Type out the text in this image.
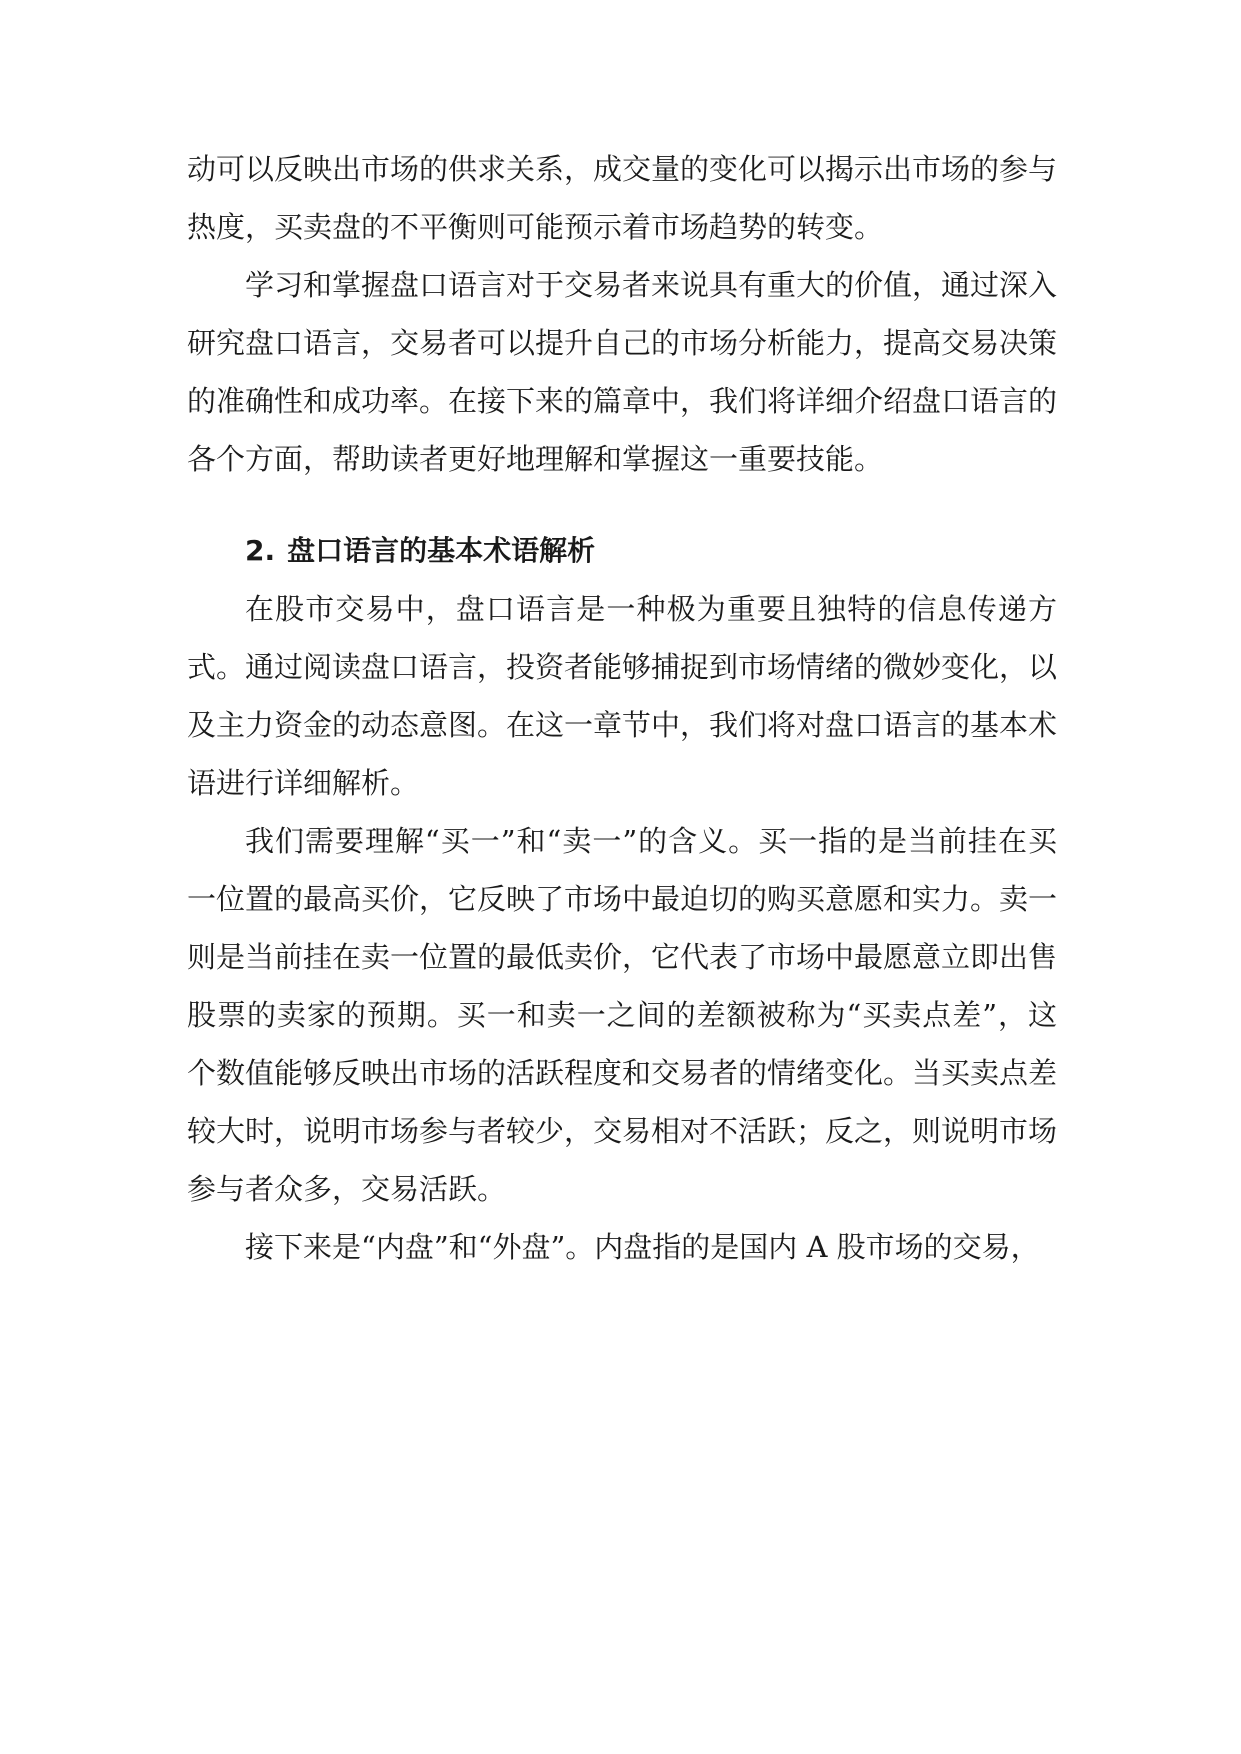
动可以反映出市场的供求关系，成交量的变化可以揭示出市场的参与热度，买卖盘的不平衡则可能预示着市场趋势的转变。

学习和掌握盘口语言对于交易者来说具有重大的价值，通过深入研究盘口语言，交易者可以提升自己的市场分析能力，提高交易决策的准确性和成功率。在接下来的篇章中，我们将详细介绍盘口语言的各个方面，帮助读者更好地理解和掌握这一重要技能。

2. 盘口语言的基本术语解析

在股市交易中，盘口语言是一种极为重要且独特的信息传递方式。通过阅读盘口语言，投资者能够捕捉到市场情绪的微妙变化，以及主力资金的动态意图。在这一章节中，我们将对盘口语言的基本术语进行详细解析。

我们需要理解“买一”和“卖一”的含义。买一指的是当前挂在买一位置的最高买价，它反映了市场中最迫切的购买意愿和实力。卖一则是当前挂在卖一位置的最低卖价，它代表了市场中最愿意立即出售股票的卖家的预期。买一和卖一之间的差额被称为“买卖点差”，这个数值能够反映出市场的活跃程度和交易者的情绪变化。当买卖点差较大时，说明市场参与者较少，交易相对不活跃；反之，则说明市场参与者众多，交易活跃。

接下来是“内盘”和“外盘”。内盘指的是国内 A 股市场的交易，
